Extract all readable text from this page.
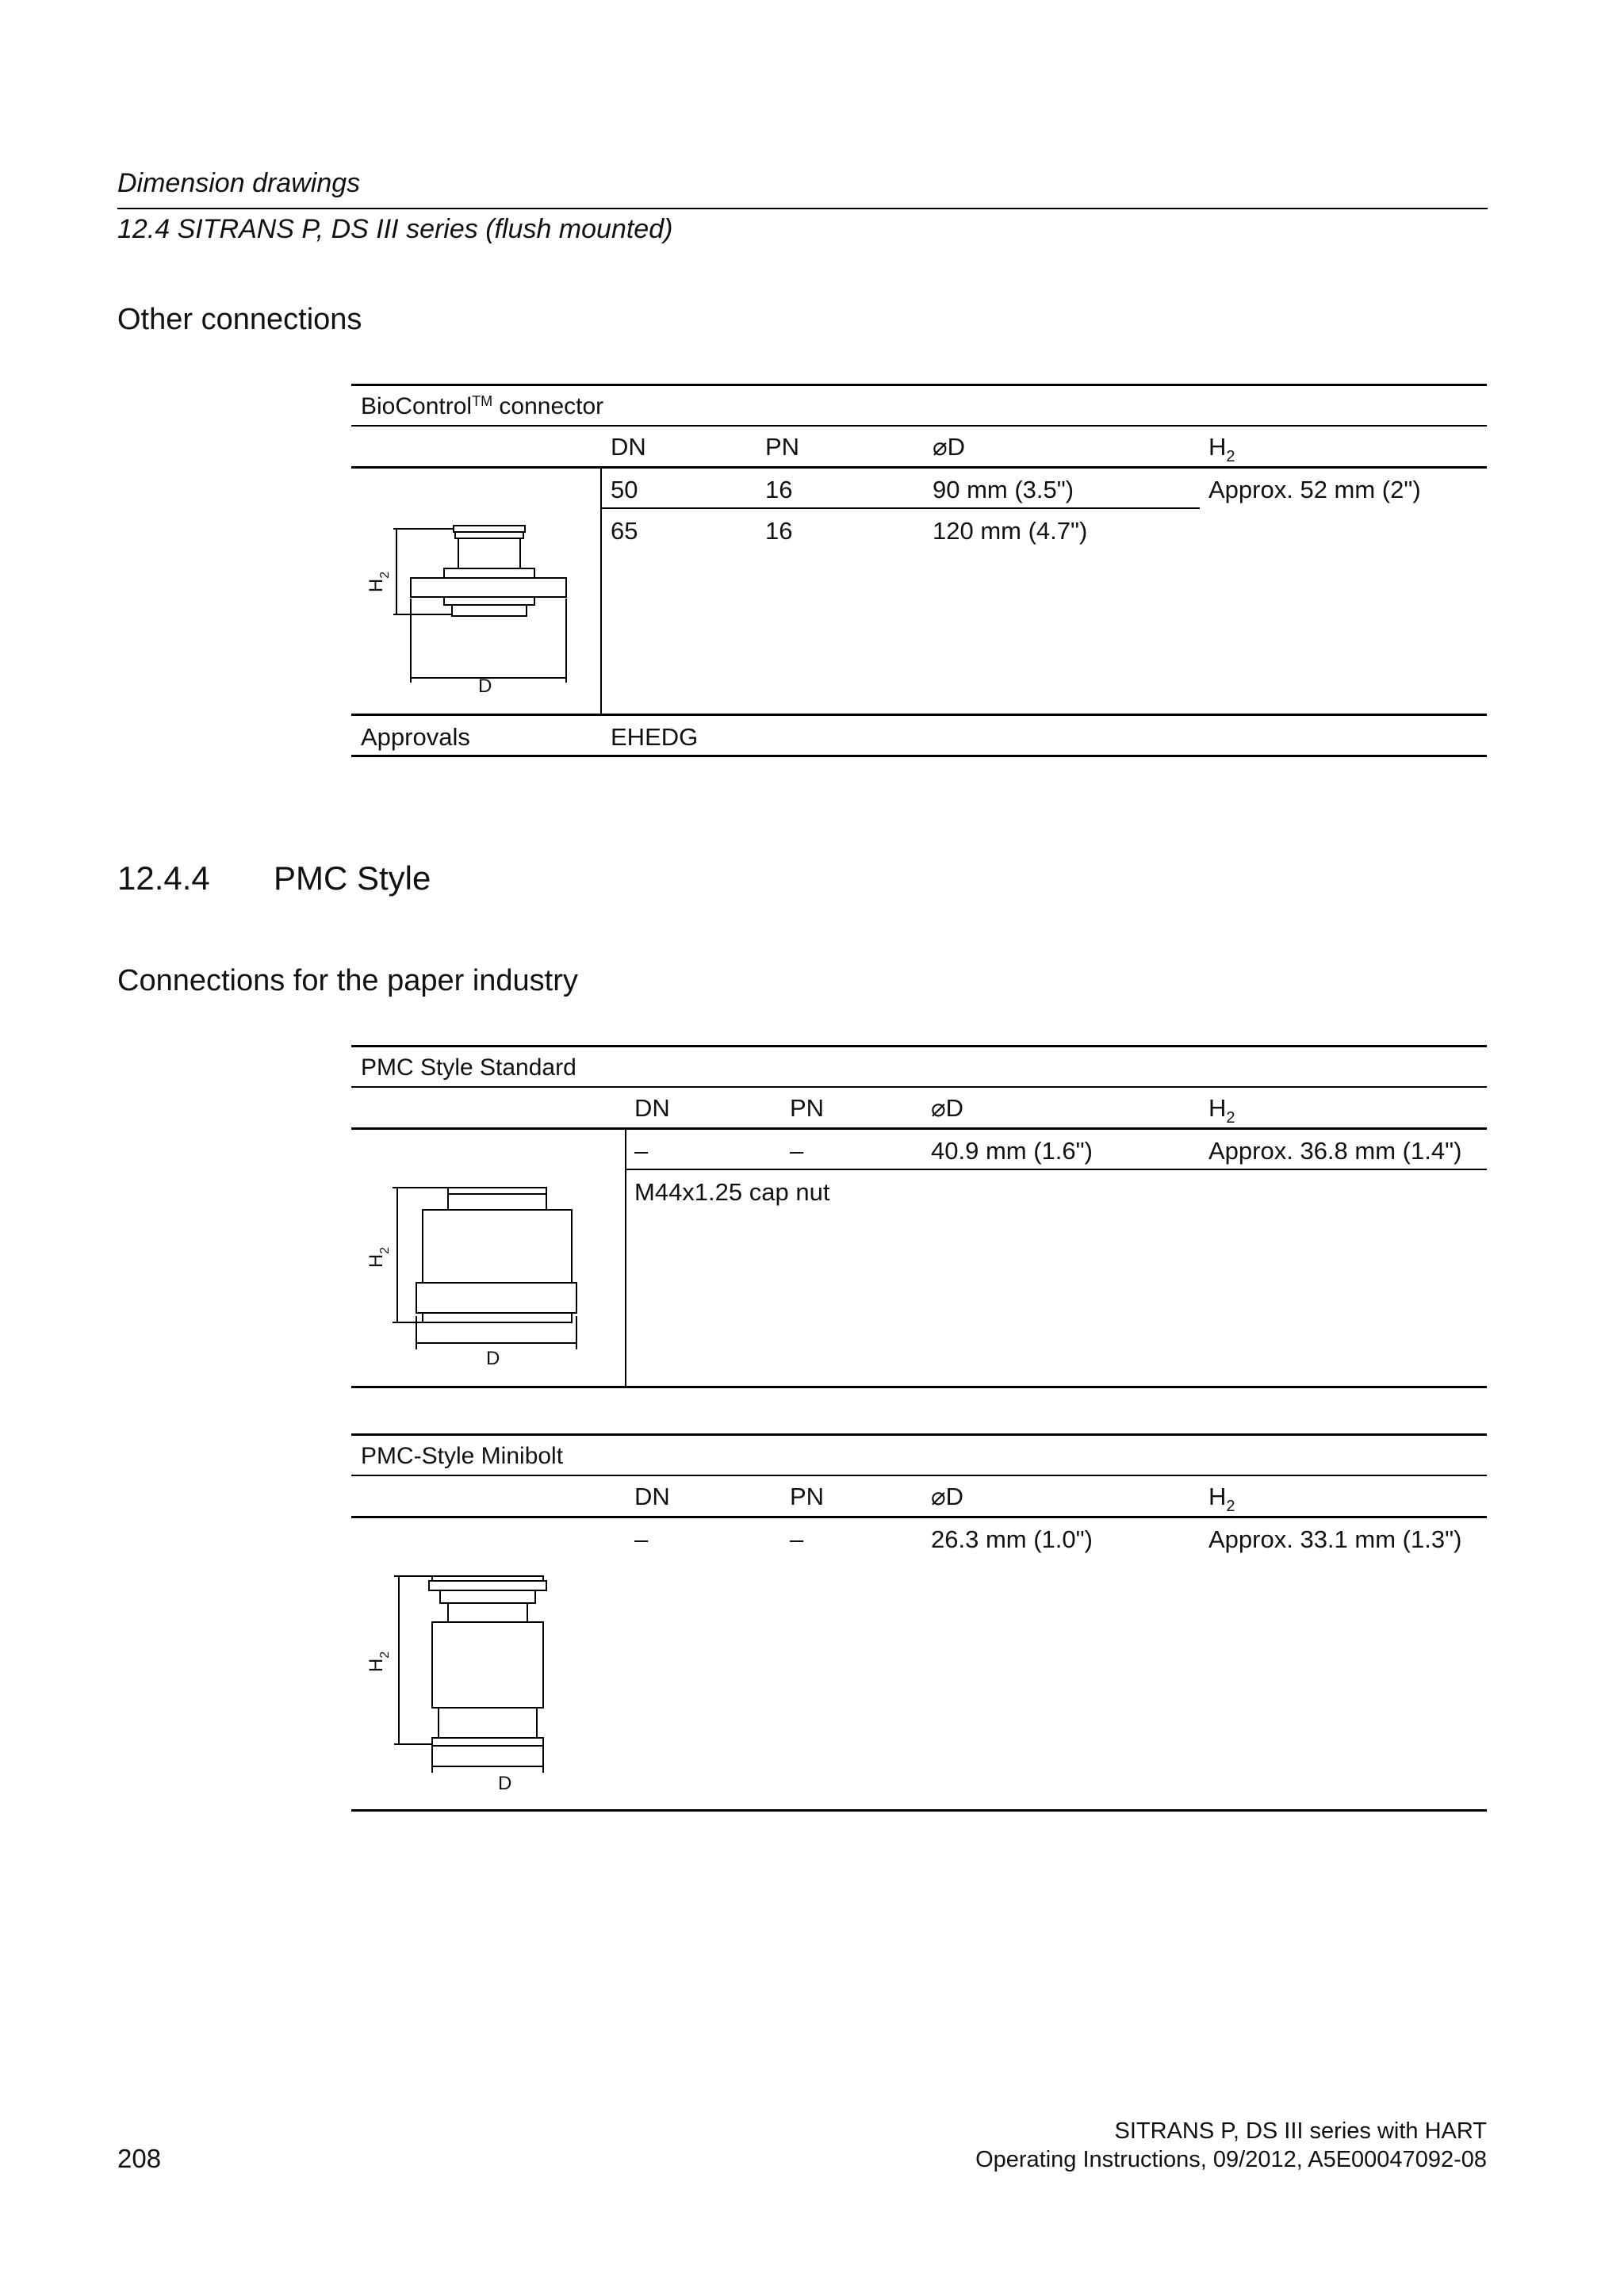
Dimension drawings
12.4 SITRANS P, DS III series (flush mounted)
Other connections
BioControl™ connector
DN	PN	⌀D	$H_2$
50	16	90 mm (3.5")	Approx. 52 mm (2")
65	16	120 mm (4.7")
$H_2$
D
Approvals	EHEDG
12.4.4 PMC Style
Connections for the paper industry
PMC Style Standard
DN	PN	⌀D	$H_2$
–	–	40.9 mm (1.6")	Approx. 36.8 mm (1.4")
M44x1.25 cap nut
$H_2$
D
PMC-Style Minibolt
DN	PN	⌀D	$H_2$
–	–	26.3 mm (1.0")	Approx. 33.1 mm (1.3")
$H_2$
D
208
SITRANS P, DS III series with HART
Operating Instructions, 09/2012, A5E00047092-08
